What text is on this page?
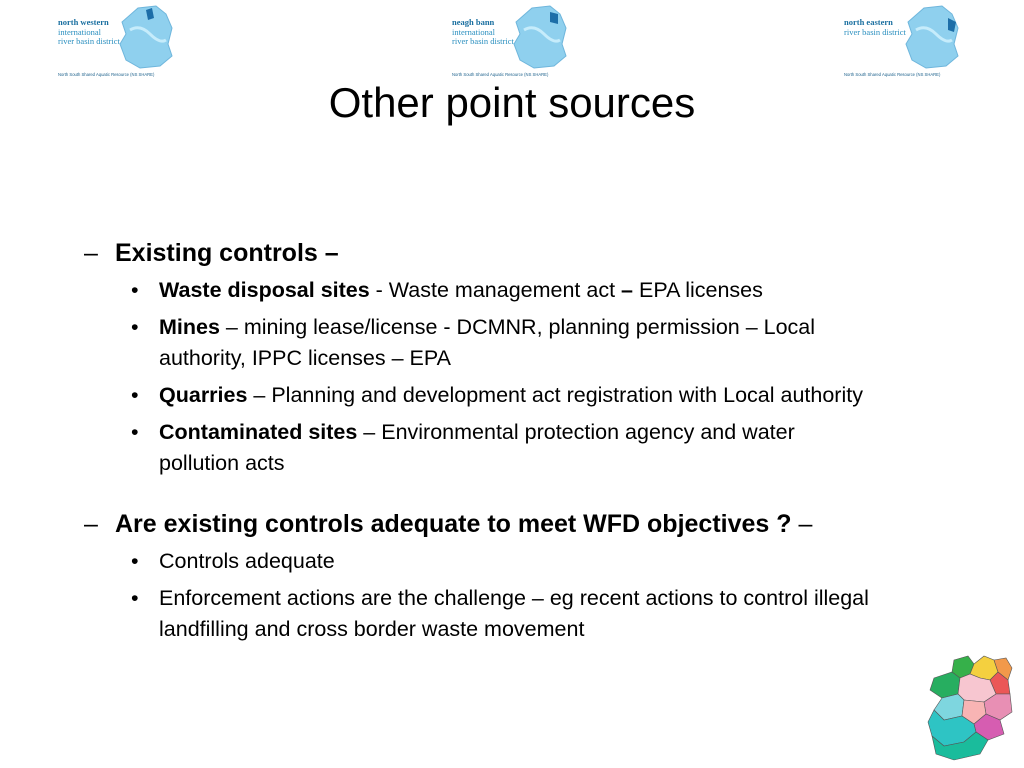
north western
international
river basin district
North South Shared Aquatic Resource (NS SHARE)
neagh bann
international
river basin district
North South Shared Aquatic Resource (NS SHARE)
north eastern
river basin district
North South Shared Aquatic Resource (NS SHARE)
Other point sources
– Existing controls –
• Waste disposal sites - Waste management act – EPA licenses
• Mines – mining lease/license - DCMNR, planning permission – Local authority, IPPC licenses – EPA
• Quarries – Planning and development act registration with Local authority
• Contaminated sites – Environmental protection agency and water pollution acts
– Are existing controls adequate to meet WFD objectives ? –
• Controls adequate
• Enforcement actions are the challenge – eg recent actions to control illegal landfilling and cross border waste movement
